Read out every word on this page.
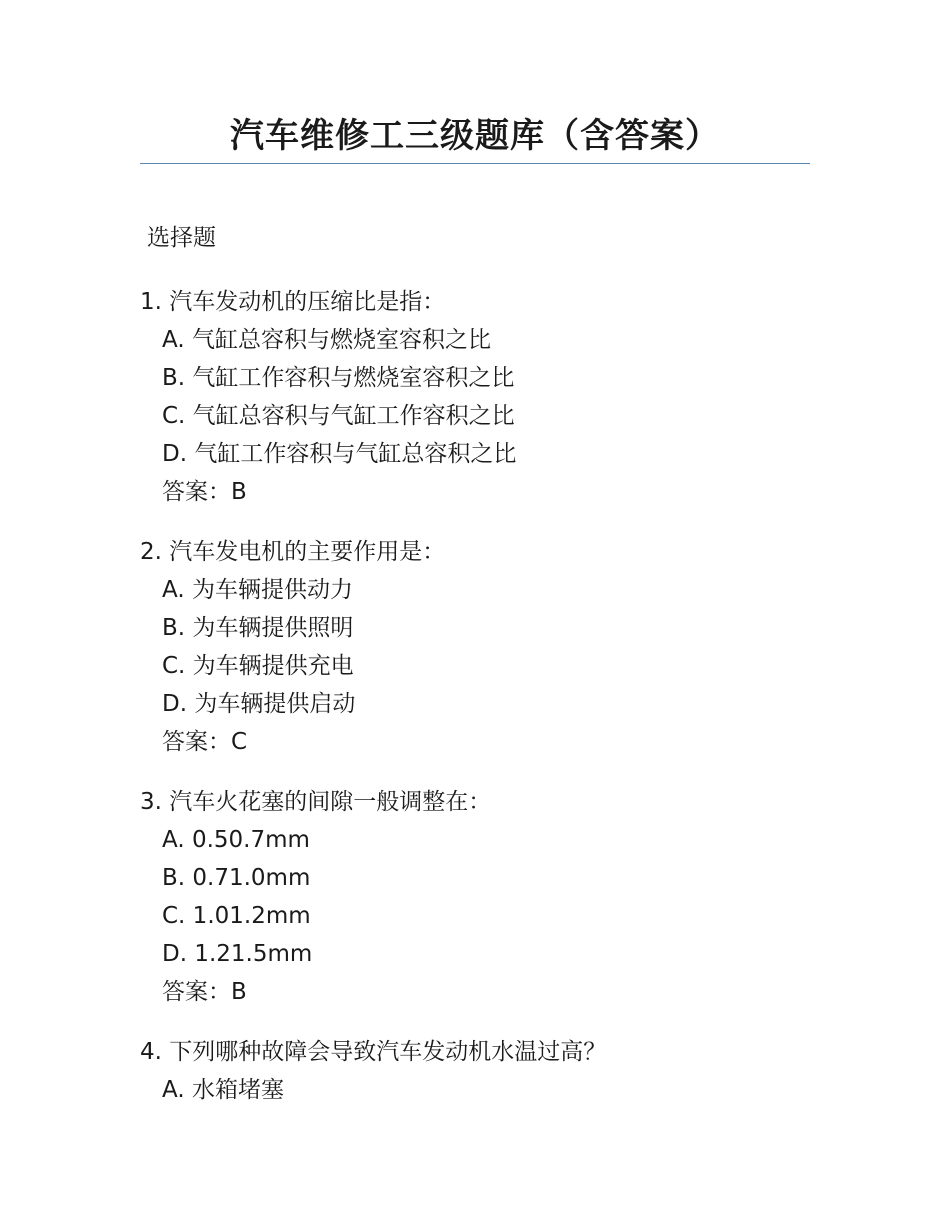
汽车维修工三级题库（含答案）
选择题
1. 汽车发动机的压缩比是指：
A. 气缸总容积与燃烧室容积之比
B. 气缸工作容积与燃烧室容积之比
C. 气缸总容积与气缸工作容积之比
D. 气缸工作容积与气缸总容积之比
答案：B
2. 汽车发电机的主要作用是：
A. 为车辆提供动力
B. 为车辆提供照明
C. 为车辆提供充电
D. 为车辆提供启动
答案：C
3. 汽车火花塞的间隙一般调整在：
A. 0.50.7mm
B. 0.71.0mm
C. 1.01.2mm
D. 1.21.5mm
答案：B
4. 下列哪种故障会导致汽车发动机水温过高？
A. 水箱堵塞
